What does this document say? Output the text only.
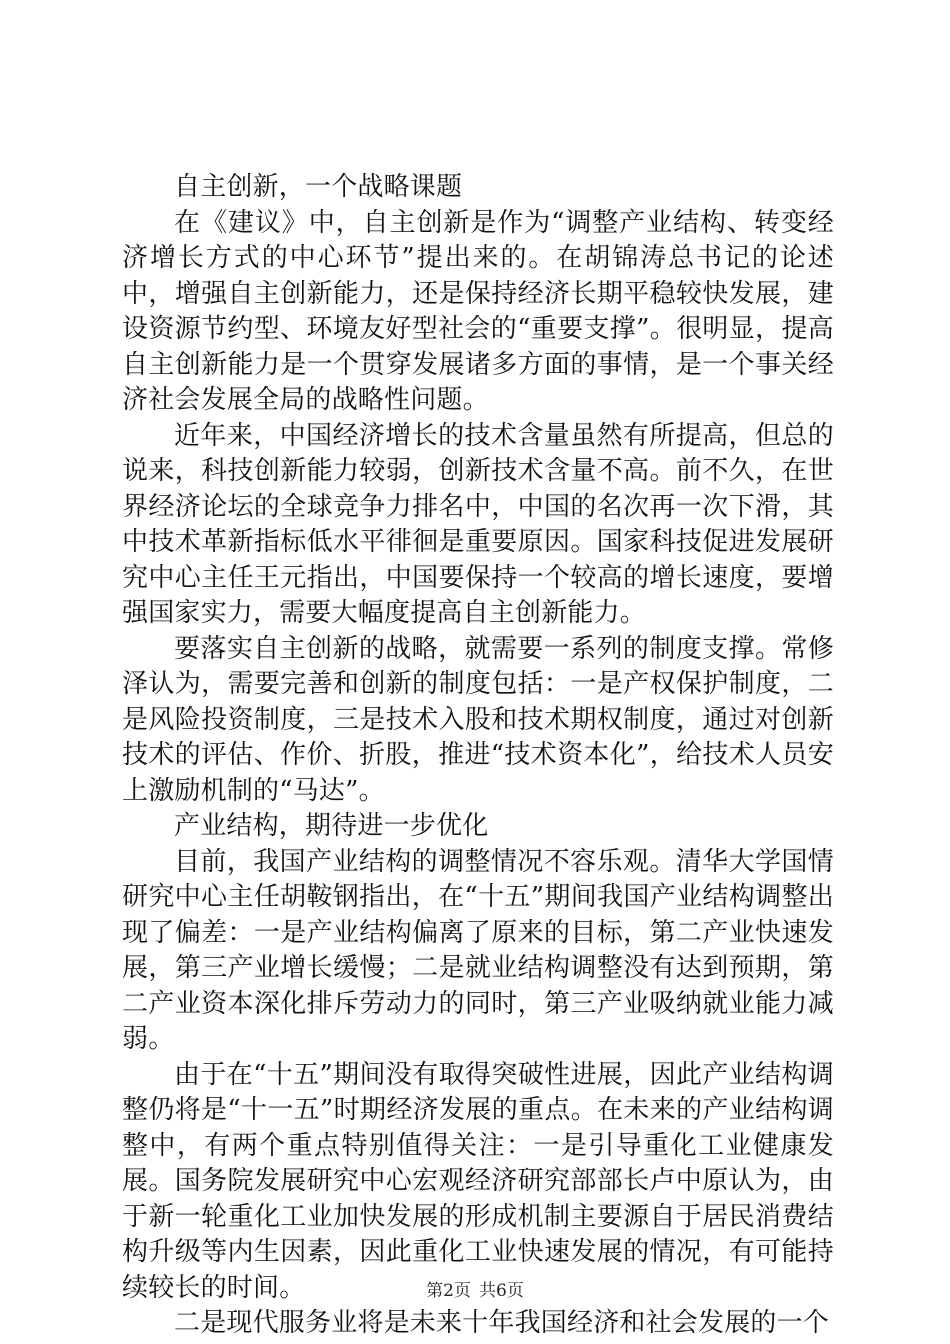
自主创新，一个战略课题

在《建议》中，自主创新是作为“调整产业结构、转变经济增长方式的中心环节”提出来的。在胡锦涛总书记的论述中，增强自主创新能力，还是保持经济长期平稳较快发展，建设资源节约型、环境友好型社会的“重要支撑”。很明显，提高自主创新能力是一个贯穿发展诸多方面的事情，是一个事关经济社会发展全局的战略性问题。

近年来，中国经济增长的技术含量虽然有所提高，但总的说来，科技创新能力较弱，创新技术含量不高。前不久，在世界经济论坛的全球竞争力排名中，中国的名次再一次下滑，其中技术革新指标低水平徘徊是重要原因。国家科技促进发展研究中心主任王元指出，中国要保持一个较高的增长速度，要增强国家实力，需要大幅度提高自主创新能力。

要落实自主创新的战略，就需要一系列的制度支撑。常修泽认为，需要完善和创新的制度包括：一是产权保护制度，二是风险投资制度，三是技术入股和技术期权制度，通过对创新技术的评估、作价、折股，推进“技术资本化”，给技术人员安上激励机制的“马达”。

产业结构，期待进一步优化

目前，我国产业结构的调整情况不容乐观。清华大学国情研究中心主任胡鞍钢指出，在“十五”期间我国产业结构调整出现了偏差：一是产业结构偏离了原来的目标，第二产业快速发展，第三产业增长缓慢；二是就业结构调整没有达到预期，第二产业资本深化排斥劳动力的同时，第三产业吸纳就业能力减弱。

由于在“十五”期间没有取得突破性进展，因此产业结构调整仍将是“十一五”时期经济发展的重点。在未来的产业结构调整中，有两个重点特别值得关注：一是引导重化工业健康发展。国务院发展研究中心宏观经济研究部部长卢中原认为，由于新一轮重化工业加快发展的形成机制主要源自于居民消费结构升级等内生因素，因此重化工业快速发展的情况，有可能持续较长的时间。

二是现代服务业将是未来十年我国经济和社会发展的一个

第2页 共6页
